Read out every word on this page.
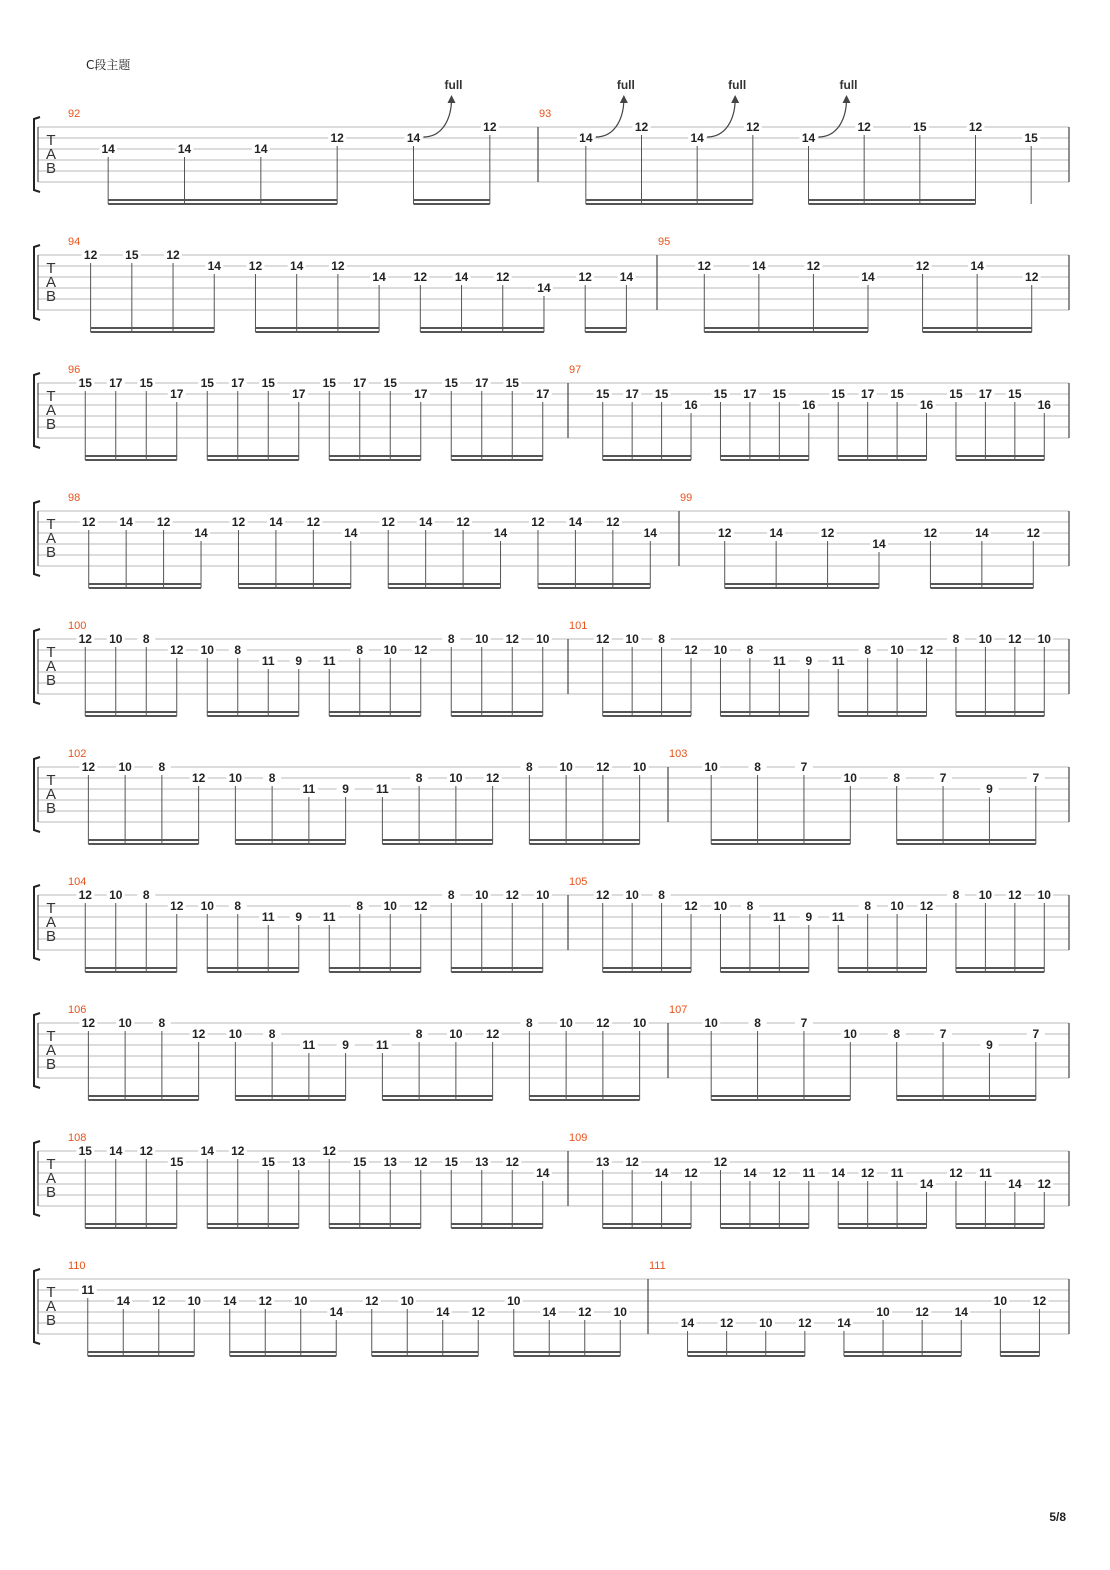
C段主题
T
A
B
92
14	14	14
12	14
full
12
93
14
full
12
14
full
12
14
full
12	15	12
15
T
A
B
94
12 15 12
14 12 14 12
14 12 14 12
14
12 14
95
12	14	12
14
12	14
12
T
A
B
96
15 17 15
17
15 17 15
17
15 17 15
17
15 17 15
17
97
15 17 15
16
15 17 15
16
15 17 15
16
15 17 15
16
T
A
B
98
12 14 12
14
12 14 12
14
12 14 12
14
12 14 12
14
99
12	14	12
14
12	14	12
T
A
B
100
12 10 8
12 10 8
11 9 11
8 10 12
8 10 12 10
101
12 10 8
12 10 8
11 9 11
8 10 12
8 10 12 10
T
A
B
102
12 10 8
12 10 8
11 9 11
8 10 12
8 10 12 10
103
10	8	7
10	8	7
9
7
T
A
B
104
12 10 8
12 10 8
11 9 11
8 10 12
8 10 12 10
105
12 10 8
12 10 8
11 9 11
8 10 12
8 10 12 10
T
A
B
106
12 10 8
12 10 8
11 9 11
8 10 12
8 10 12 10
107
10	8	7
10	8	7
9
7
T
A
B
108
15 14 12
15
14 12
15 13
12
15 13 12 15 13 12
14
109
13 12
14 12
12
14 12 11 14 12 11
14
12 11
14 12
T
A
B
110
11
14 12 10 14 12 10
14
12 10
14 12
10
14 12 10
111
14 12 10 12 14
10 12 14
10 12
5/8
